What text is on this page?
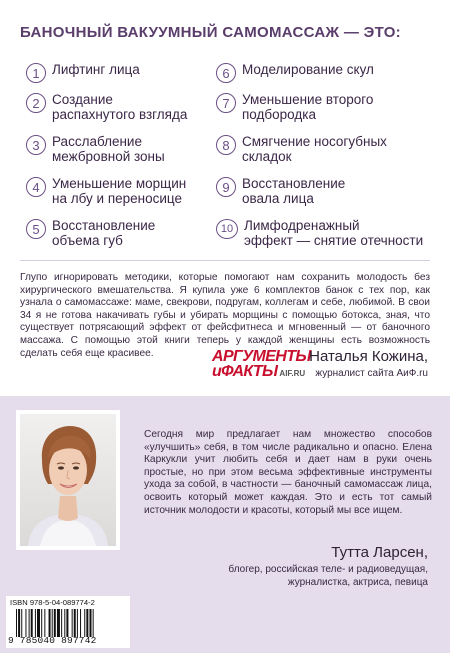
БАНОЧНЫЙ ВАКУУМНЫЙ САМОМАССАЖ — ЭТО:
1 Лифтинг лица
2 Создание
распахнутого взгляда
3 Расслабление
межбровной зоны
4 Уменьшение морщин
на лбу и переносице
5 Восстановление
объема губ
6 Моделирование скул
7 Уменьшение второго
подбородка
8 Смягчение носогубных
складок
9 Восстановление
овала лица
10 Лимфодренажный
эффект — снятие отечности
Глупо игнорировать методики, которые помогают нам сохранить молодость без хирургического вмешательства. Я купила уже 6 комплектов банок с тех пор, как узнала о самомассаже: маме, свекрови, подругам, коллегам и себе, любимой. В свои 34 я не готова накачивать губы и убирать морщины с помощью ботокса, зная, что существует потрясающий эффект от фейсфитнеса и мгновенный — от баночного массажа. С помощью этой книги теперь у каждой женщины есть возможность сделать себя еще красивее.	АРГУМЕНТЫ
иФАКТЫ AIF.RU
Наталья Кожина,
журналист сайта АиФ.ru
Сегодня мир предлагает нам множество способов «улучшить» себя, в том числе радикально и опасно. Елена Каркукли учит любить себя и дает нам в руки очень простые, но при этом весьма эффективные инструменты ухода за собой, в частности — баночный самомассаж лица, освоить который может каждая. Это и есть тот самый источник молодости и красоты, который мы все ищем.
Тутта Ларсен,
блогер, российская теле- и радиоведущая,
журналистка, актриса, певица
ISBN 978-5-04-089774-2
9 785040 897742
